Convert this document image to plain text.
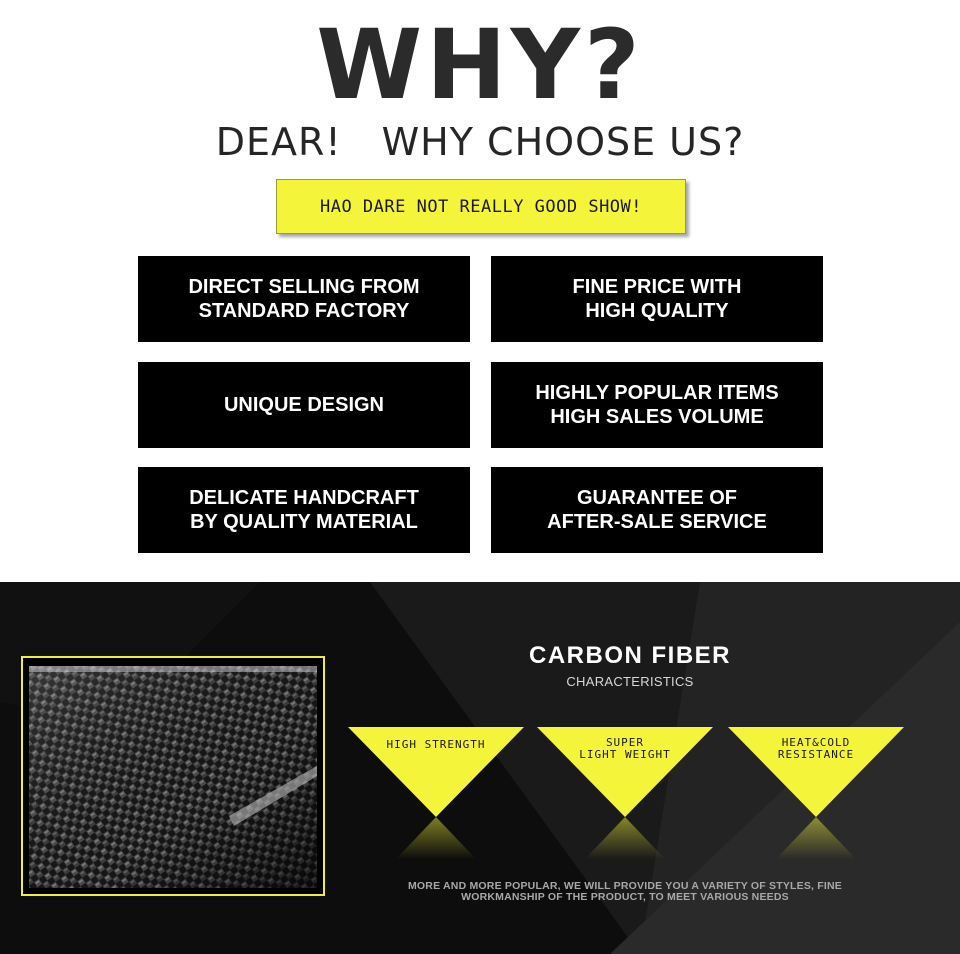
WHY?
DEAR! WHY CHOOSE US?
HAO DARE NOT REALLY GOOD SHOW!
DIRECT SELLING FROM
STANDARD FACTORY
FINE PRICE WITH
HIGH QUALITY
UNIQUE DESIGN
HIGHLY POPULAR ITEMS
HIGH SALES VOLUME
DELICATE HANDCRAFT
BY QUALITY MATERIAL
GUARANTEE OF
AFTER-SALE SERVICE
CARBON FIBER
CHARACTERISTICS
HIGH STRENGTH	SUPER
LIGHT WEIGHT
HEAT&COLD
RESISTANCE
MORE AND MORE POPULAR, WE WILL PROVIDE YOU A VARIETY OF STYLES, FINE
WORKMANSHIP OF THE PRODUCT, TO MEET VARIOUS NEEDS
